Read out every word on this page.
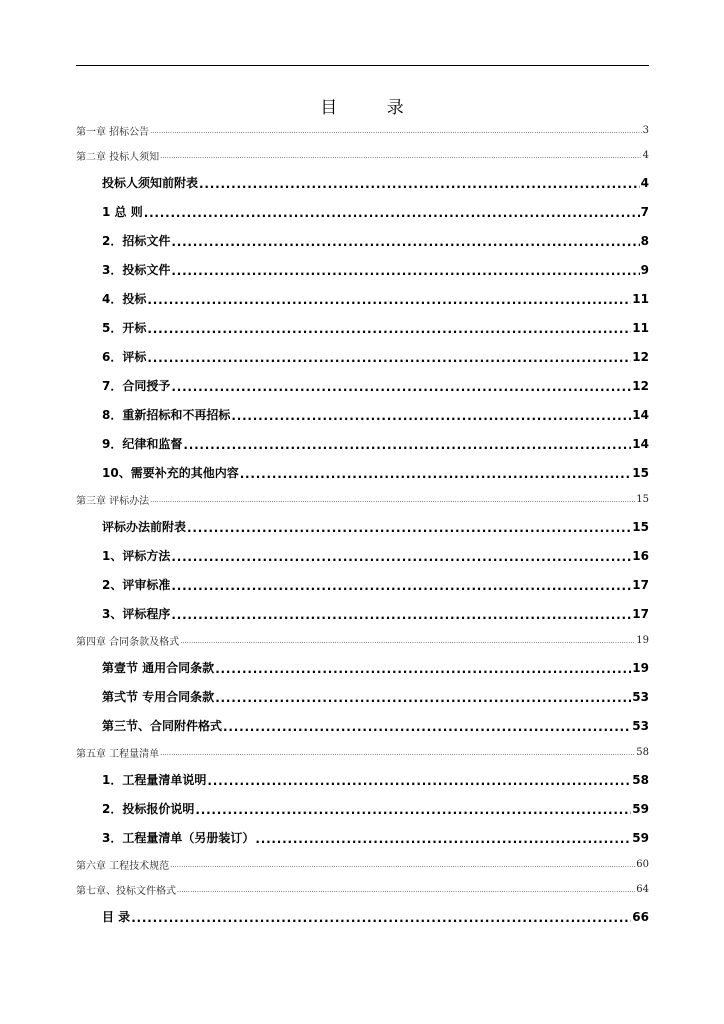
目 录
第一章 招标公告 .....	3
第二章 投标人须知 .....	4
投标人须知前附表 .....	4
1 总 则 .....	7
2．招标文件 .....	8
3．投标文件 .....	9
4．投标 .....	11
5．开标 .....	11
6．评标 .....	12
7．合同授予 .....	12
8．重新招标和不再招标 .....	14
9．纪律和监督 .....	14
10、需要补充的其他内容 .....	15
第三章 评标办法 .....	15
评标办法前附表 .....	15
1、评标方法 .....	16
2、评审标准 .....	17
3、评标程序 .....	17
第四章 合同条款及格式 .....	19
第壹节 通用合同条款 .....	19
第弍节 专用合同条款 .....	53
第三节、合同附件格式 .....	53
第五章 工程量清单 .....	58
1．工程量清单说明 .....	58
2．投标报价说明 .....	59
3．工程量清单（另册装订） .....	59
第六章 工程技术规范 .....	60
第七章、投标文件格式 .....	64
目 录 .....	66
